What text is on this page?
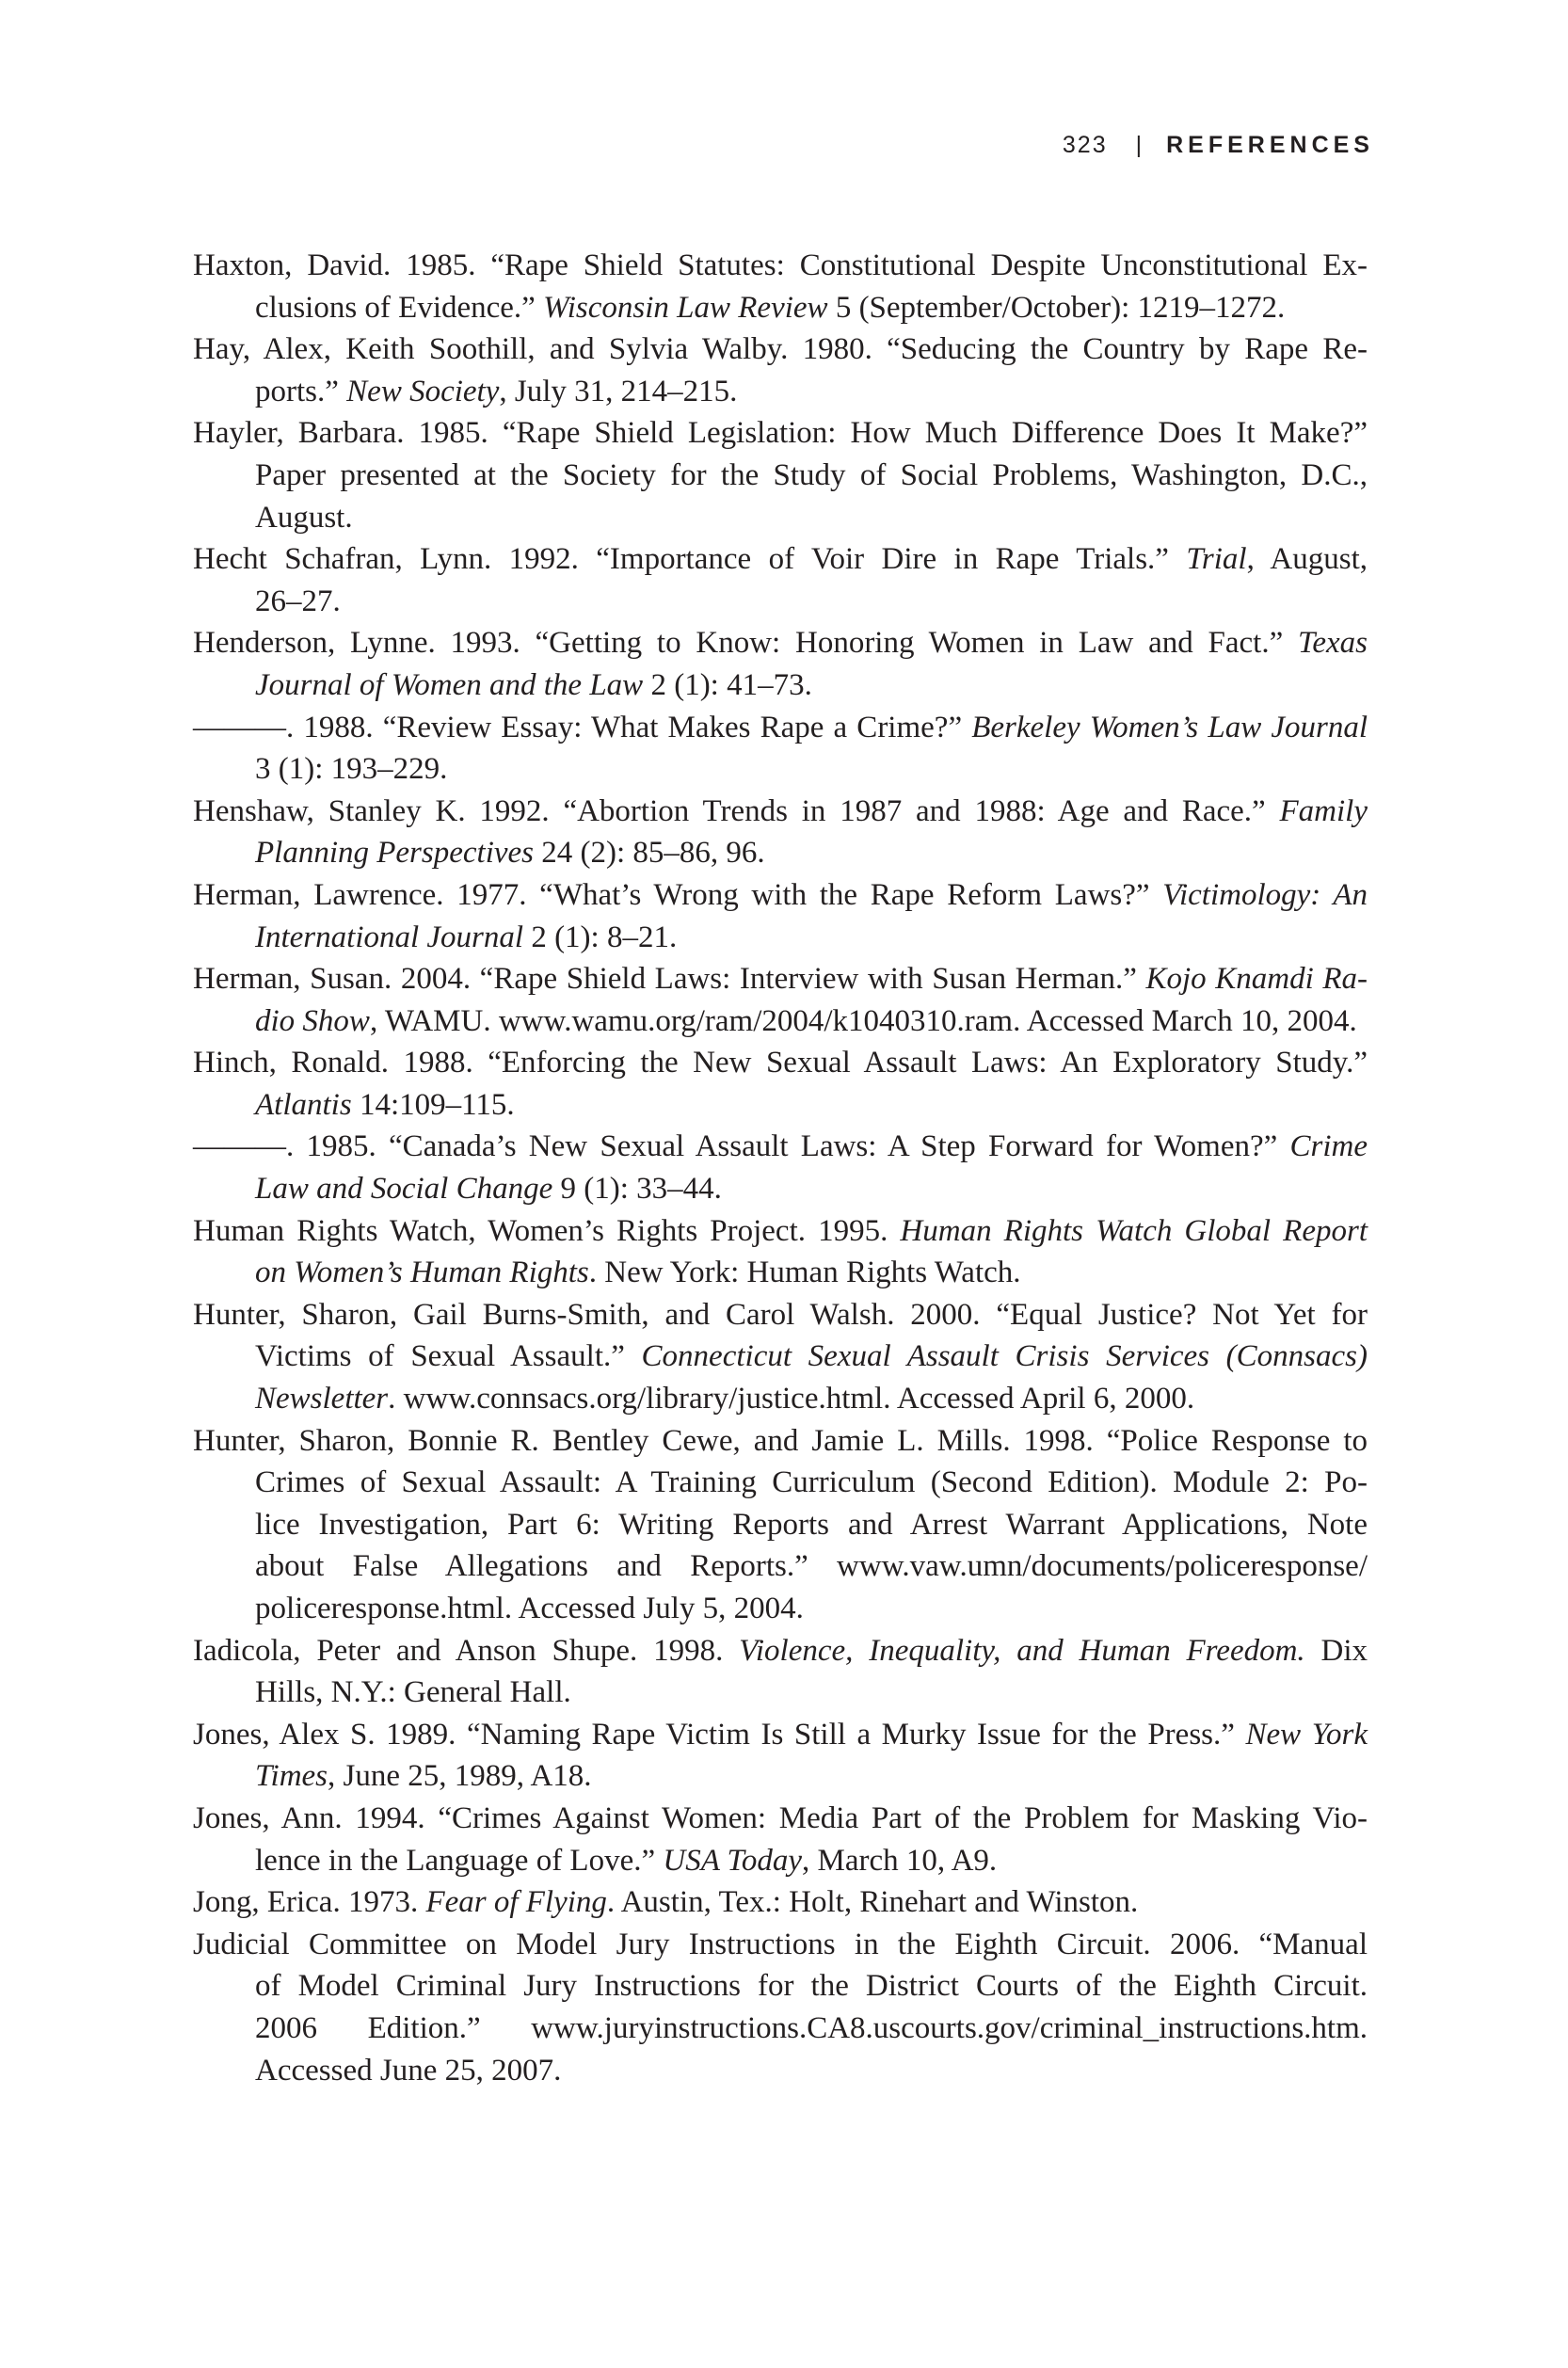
323 | REFERENCES
Haxton, David. 1985. “Rape Shield Statutes: Constitutional Despite Unconstitutional Ex-
clusions of Evidence.” Wisconsin Law Review 5 (September/October): 1219–1272.
Hay, Alex, Keith Soothill, and Sylvia Walby. 1980. “Seducing the Country by Rape Re-
ports.” New Society, July 31, 214–215.
Hayler, Barbara. 1985. “Rape Shield Legislation: How Much Difference Does It Make?”
Paper presented at the Society for the Study of Social Problems, Washington, D.C.,
August.
Hecht Schafran, Lynn. 1992. “Importance of Voir Dire in Rape Trials.” Trial, August,
26–27.
Henderson, Lynne. 1993. “Getting to Know: Honoring Women in Law and Fact.” Texas
Journal of Women and the Law 2 (1): 41–73.
———. 1988. “Review Essay: What Makes Rape a Crime?” Berkeley Women’s Law Journal
3 (1): 193–229.
Henshaw, Stanley K. 1992. “Abortion Trends in 1987 and 1988: Age and Race.” Family
Planning Perspectives 24 (2): 85–86, 96.
Herman, Lawrence. 1977. “What’s Wrong with the Rape Reform Laws?” Victimology: An
International Journal 2 (1): 8–21.
Herman, Susan. 2004. “Rape Shield Laws: Interview with Susan Herman.” Kojo Knamdi Ra-
dio Show, WAMU. www.wamu.org/ram/2004/k1040310.ram. Accessed March 10, 2004.
Hinch, Ronald. 1988. “Enforcing the New Sexual Assault Laws: An Exploratory Study.”
Atlantis 14:109–115.
———. 1985. “Canada’s New Sexual Assault Laws: A Step Forward for Women?” Crime
Law and Social Change 9 (1): 33–44.
Human Rights Watch, Women’s Rights Project. 1995. Human Rights Watch Global Report
on Women’s Human Rights. New York: Human Rights Watch.
Hunter, Sharon, Gail Burns-Smith, and Carol Walsh. 2000. “Equal Justice? Not Yet for
Victims of Sexual Assault.” Connecticut Sexual Assault Crisis Services (Connsacs)
Newsletter. www.connsacs.org/library/justice.html. Accessed April 6, 2000.
Hunter, Sharon, Bonnie R. Bentley Cewe, and Jamie L. Mills. 1998. “Police Response to
Crimes of Sexual Assault: A Training Curriculum (Second Edition). Module 2: Po-
lice Investigation, Part 6: Writing Reports and Arrest Warrant Applications, Note
about False Allegations and Reports.” www.vaw.umn/documents/policeresponse/
policeresponse.html. Accessed July 5, 2004.
Iadicola, Peter and Anson Shupe. 1998. Violence, Inequality, and Human Freedom. Dix
Hills, N.Y.: General Hall.
Jones, Alex S. 1989. “Naming Rape Victim Is Still a Murky Issue for the Press.” New York
Times, June 25, 1989, A18.
Jones, Ann. 1994. “Crimes Against Women: Media Part of the Problem for Masking Vio-
lence in the Language of Love.” USA Today, March 10, A9.
Jong, Erica. 1973. Fear of Flying. Austin, Tex.: Holt, Rinehart and Winston.
Judicial Committee on Model Jury Instructions in the Eighth Circuit. 2006. “Manual
of Model Criminal Jury Instructions for the District Courts of the Eighth Circuit.
2006 Edition.” www.juryinstructions.CA8.uscourts.gov/criminal_instructions.htm.
Accessed June 25, 2007.
